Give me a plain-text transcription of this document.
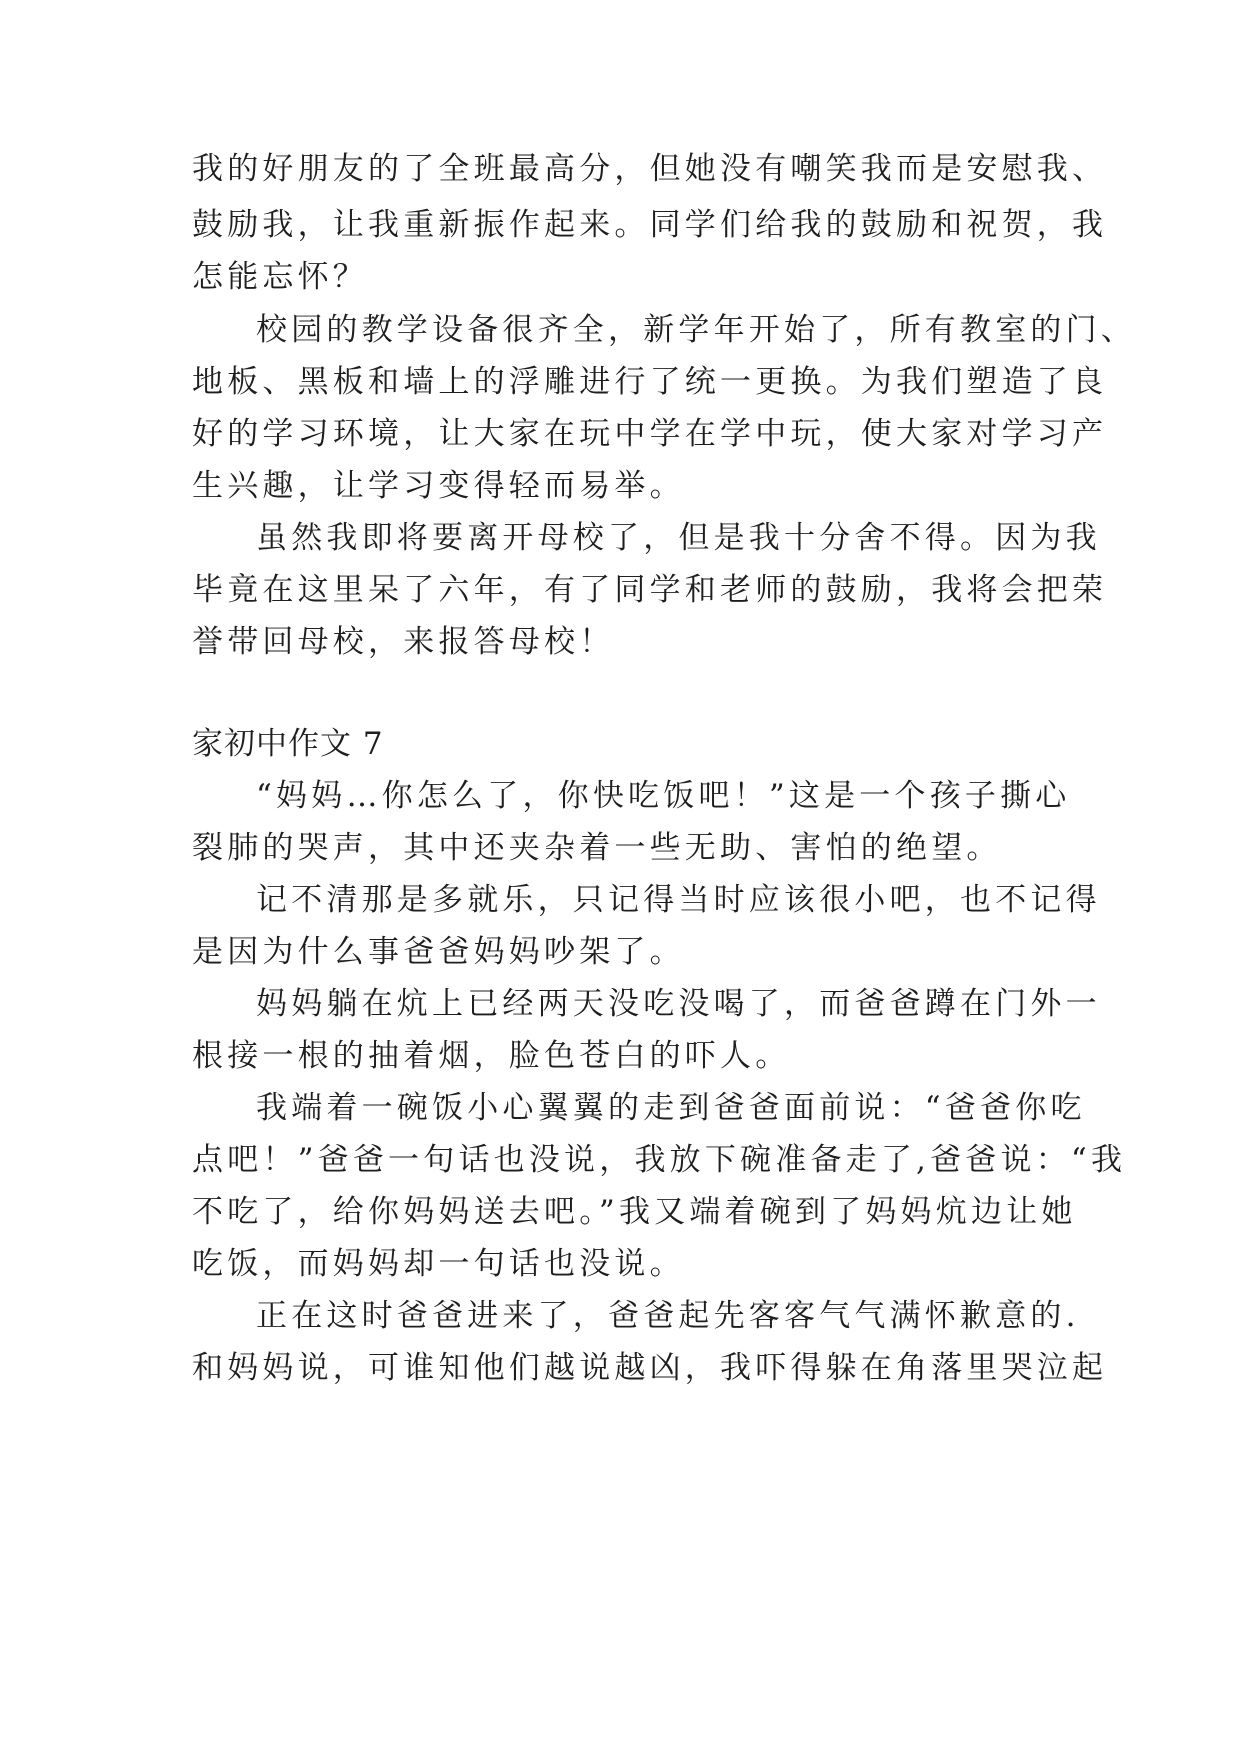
我的好朋友的了全班最高分，但她没有嘲笑我而是安慰我、
鼓励我，让我重新振作起来。同学们给我的鼓励和祝贺，我
怎能忘怀？
校园的教学设备很齐全，新学年开始了，所有教室的门、
地板、黑板和墙上的浮雕进行了统一更换。为我们塑造了良
好的学习环境，让大家在玩中学在学中玩，使大家对学习产
生兴趣，让学习变得轻而易举。
虽然我即将要离开母校了，但是我十分舍不得。因为我
毕竟在这里呆了六年，有了同学和老师的鼓励，我将会把荣
誉带回母校，来报答母校！
家初中作文 7
“妈妈…你怎么了，你快吃饭吧！”这是一个孩子撕心
裂肺的哭声，其中还夹杂着一些无助、害怕的绝望。
记不清那是多就乐，只记得当时应该很小吧，也不记得
是因为什么事爸爸妈妈吵架了。
妈妈躺在炕上已经两天没吃没喝了，而爸爸蹲在门外一
根接一根的抽着烟，脸色苍白的吓人。
我端着一碗饭小心翼翼的走到爸爸面前说：“爸爸你吃
点吧！”爸爸一句话也没说，我放下碗准备走了,爸爸说：“我
不吃了，给你妈妈送去吧。”我又端着碗到了妈妈炕边让她
吃饭，而妈妈却一句话也没说。
正在这时爸爸进来了，爸爸起先客客气气满怀歉意的.
和妈妈说，可谁知他们越说越凶，我吓得躲在角落里哭泣起
